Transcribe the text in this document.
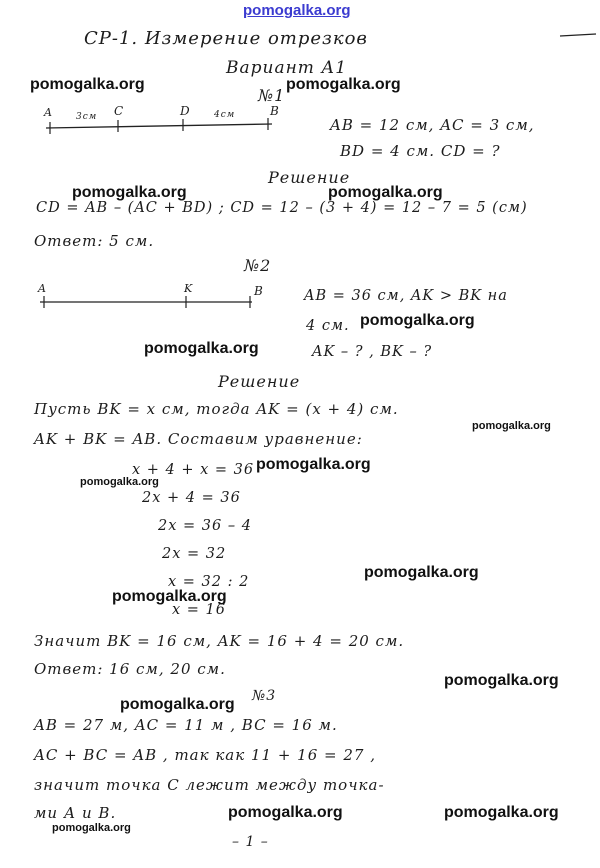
pomogalka.org
СР-1. Измерение отрезков
Вариант А1
№1
A	3см C	D	4см	B
AB = 12 см, AC = 3 см,
BD = 4 см. CD = ?
Решение
CD = AB – (AC + BD) ; CD = 12 – (3 + 4) = 12 – 7 = 5 (см)
Ответ: 5 см.
№2
A	K	B	AB = 36 см, AK > BK на
4 см.
AK – ? , BK – ?
Решение
Пусть BK = x см, тогда AK = (x + 4) см.
AK + BK = AB. Составим уравнение:
x + 4 + x = 36
2x + 4 = 36
2x = 36 – 4
2x = 32
x = 32 : 2
x = 16
Значит BK = 16 см, AK = 16 + 4 = 20 см.
Ответ: 16 см, 20 см.
№3
AB = 27 м, AC = 11 м , BC = 16 м.
AC + BC = AB , так как 11 + 16 = 27 ,
значит точка С лежит между точка-
ми А и В.
– 1 –
pomogalka.org	pomogalka.org
pomogalka.org	pomogalka.org
pomogalka.org
pomogalka.org
pomogalka.org
pomogalka.org
pomogalka.org
pomogalka.org
pomogalka.org
pomogalka.org
pomogalka.org
pomogalka.org	pomogalka.org
pomogalka.org
